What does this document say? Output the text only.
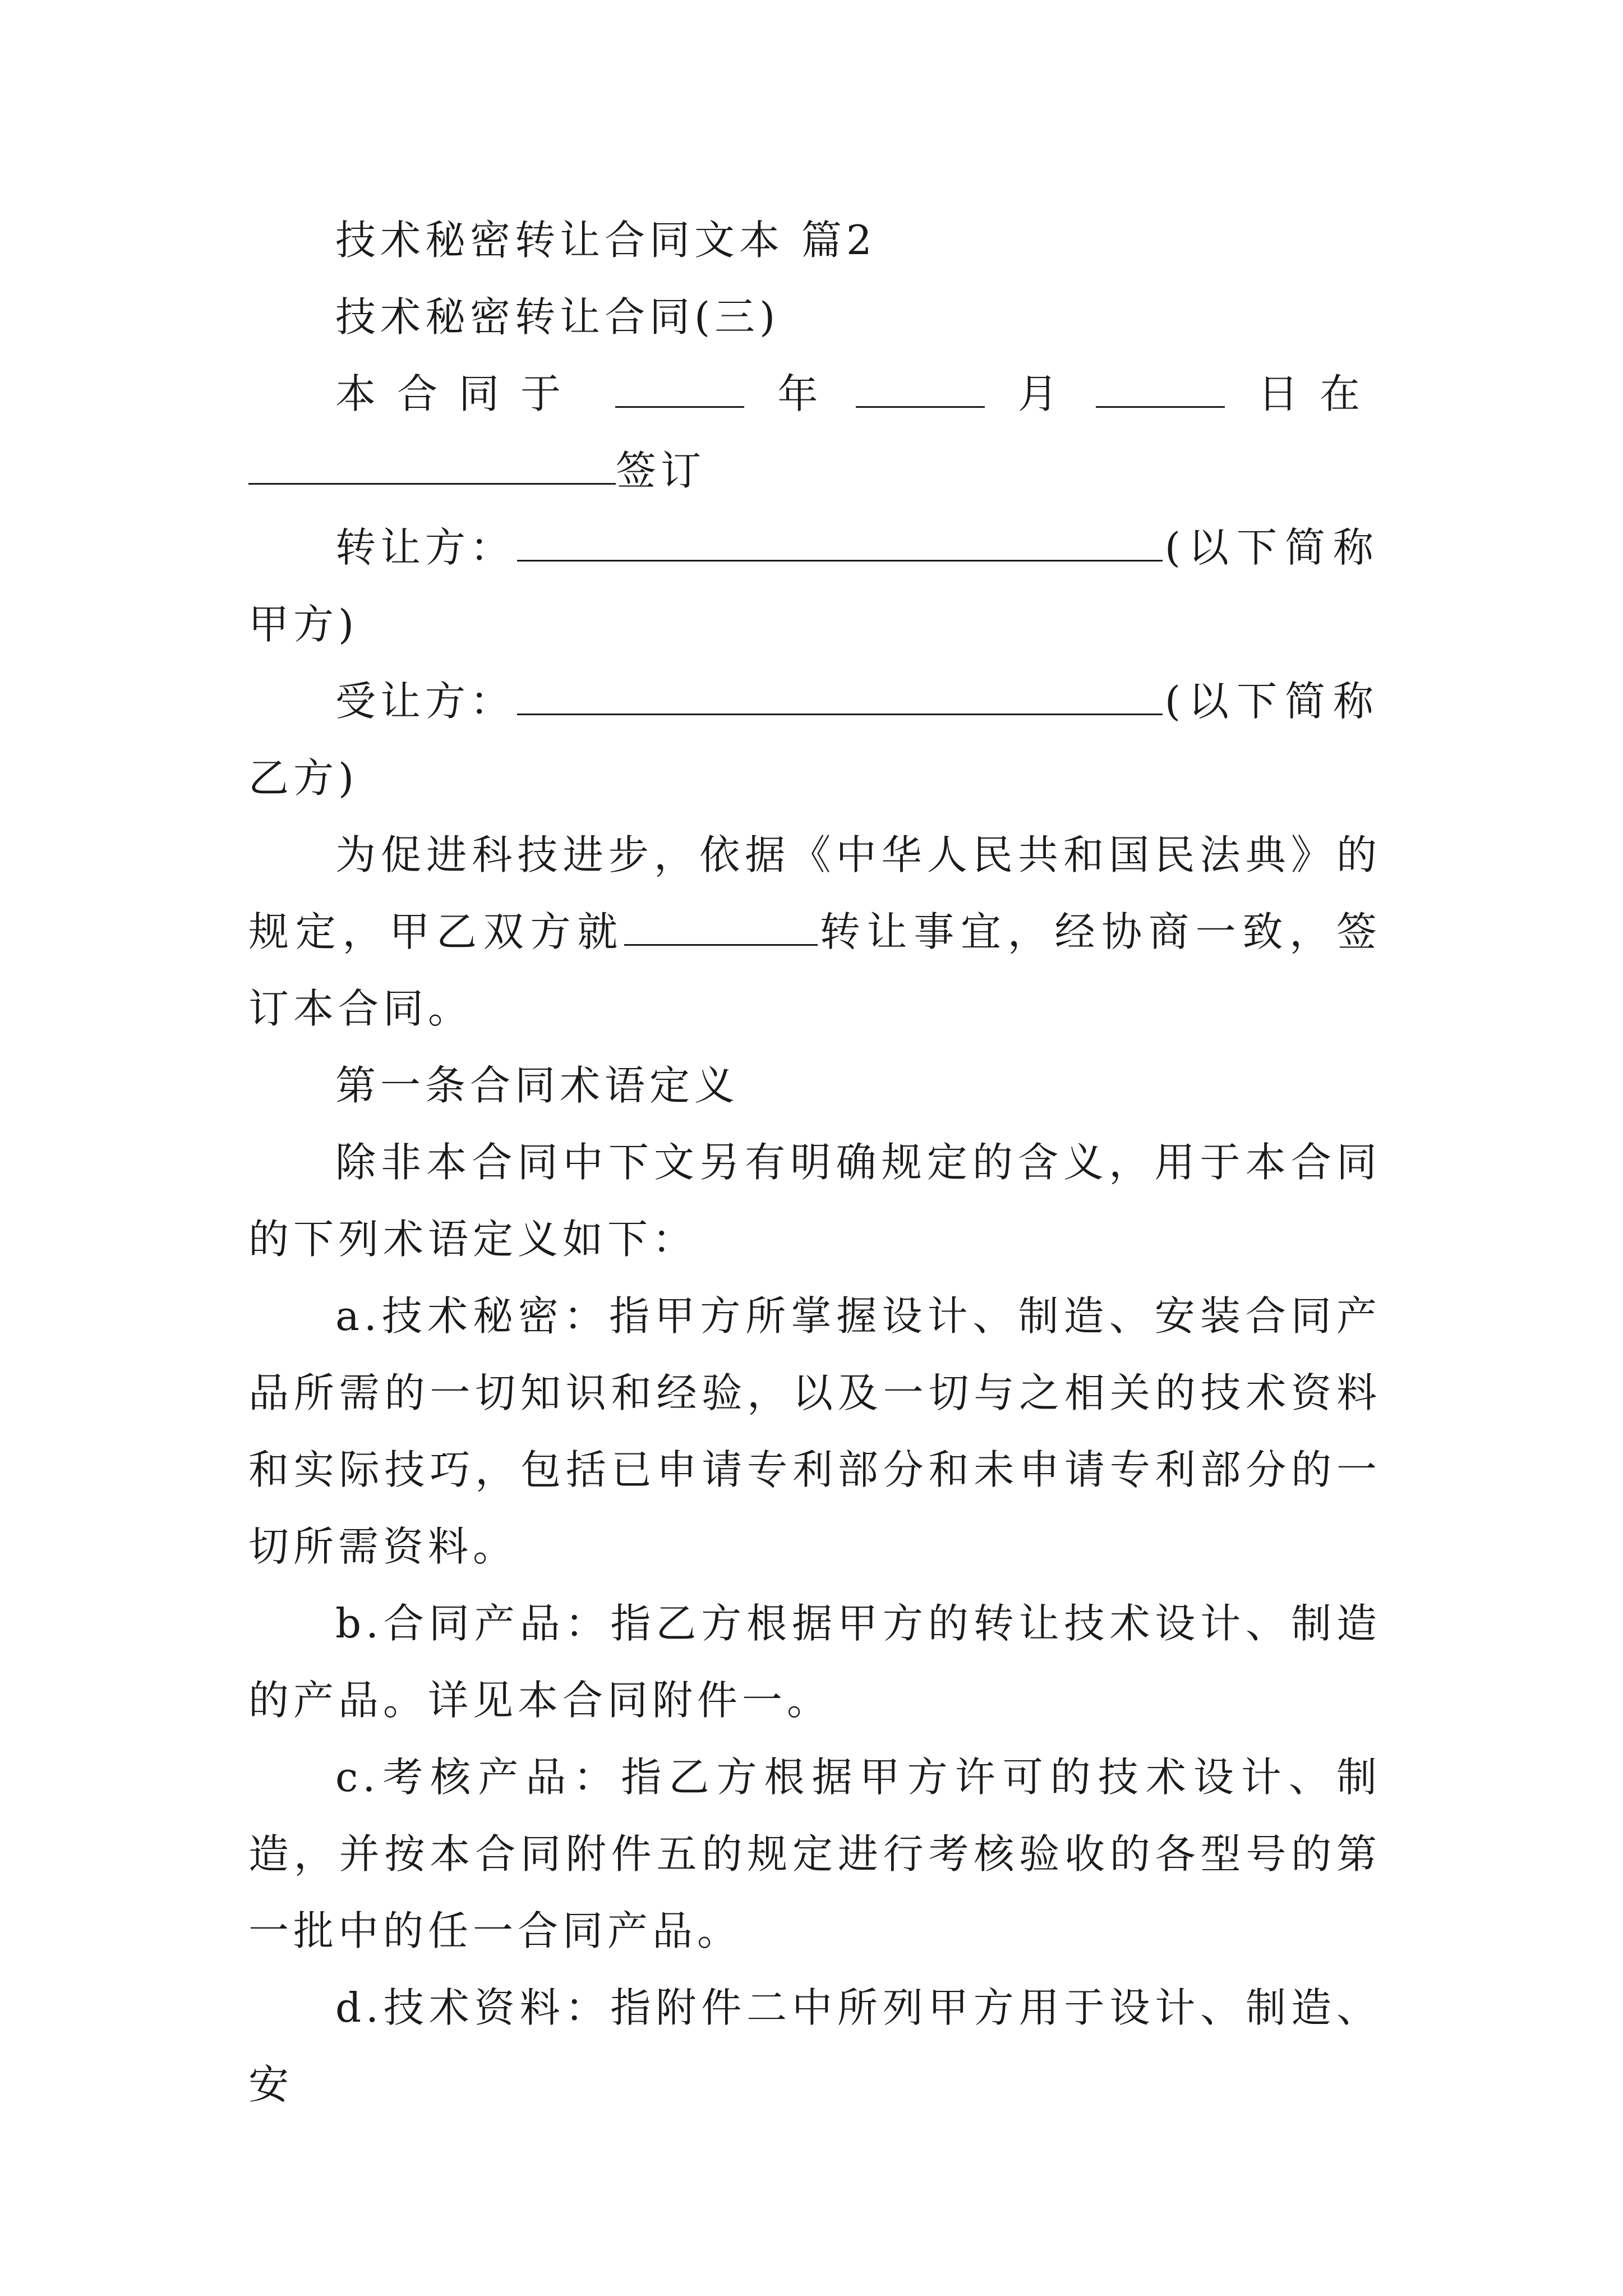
技术秘密转让合同文本 篇2

技术秘密转让合同(三)

本合同于	年	月	日在

签订

转让方：	(以下简称

甲方)

受让方：	(以下简称

乙方)

为促进科技进步，依据《中华人民共和国民法典》的规定，甲乙双方就	转让事宜，经协商一致，签订本合同。

第一条合同术语定义

除非本合同中下文另有明确规定的含义，用于本合同的下列术语定义如下：

a.技术秘密：指甲方所掌握设计、制造、安装合同产品所需的一切知识和经验，以及一切与之相关的技术资料和实际技巧，包括已申请专利部分和未申请专利部分的一切所需资料。

b.合同产品：指乙方根据甲方的转让技术设计、制造的产品。详见本合同附件一。

c.考核产品：指乙方根据甲方许可的技术设计、制造，并按本合同附件五的规定进行考核验收的各型号的第一批中的任一合同产品。

d.技术资料：指附件二中所列甲方用于设计、制造、安
